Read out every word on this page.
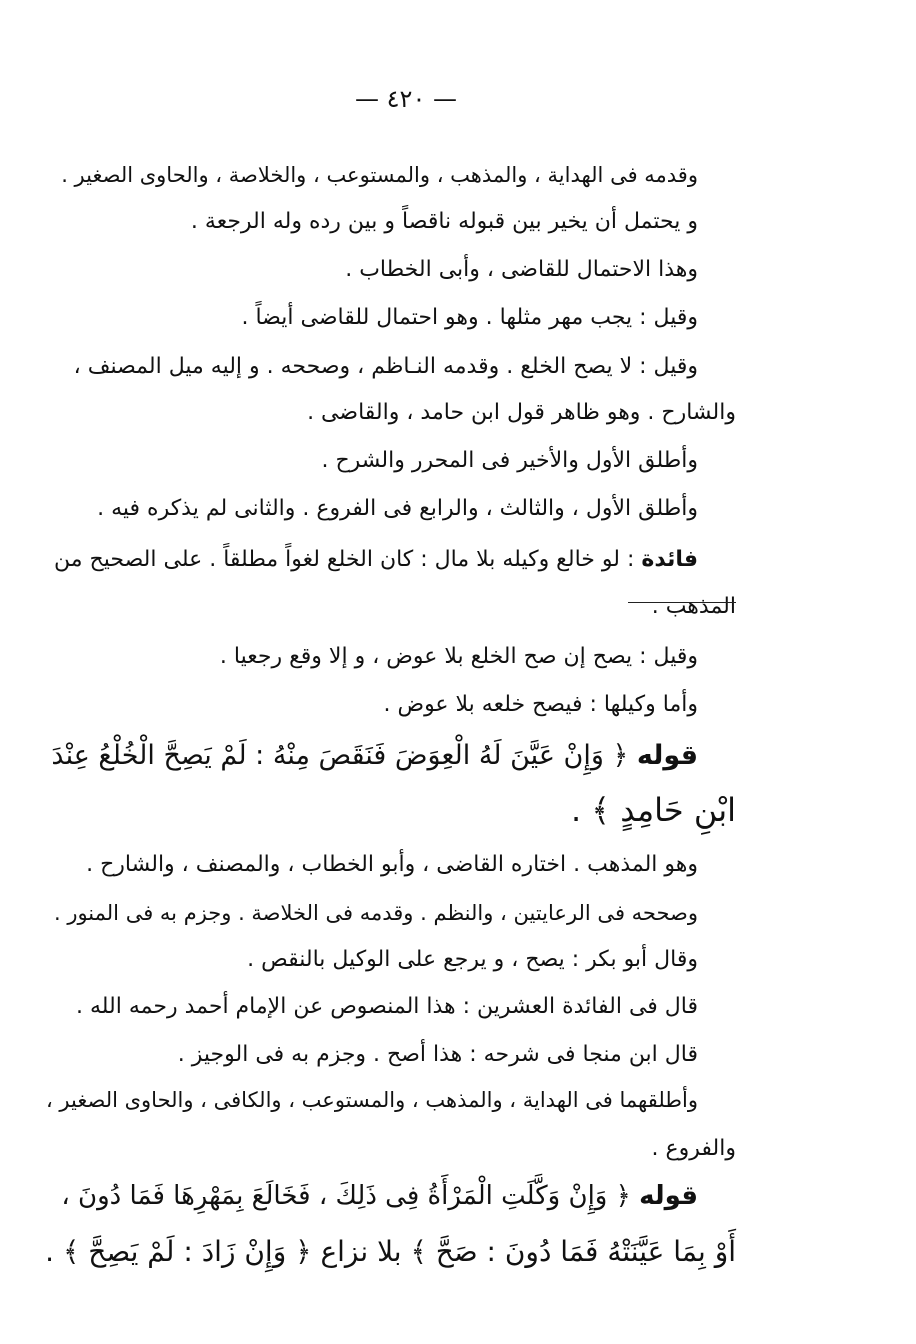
— ٤٢٠ —
وقدمه فى الهداية ، والمذهب ، والمستوعب ، والخلاصة ، والحاوى الصغير .
و يحتمل أن يخير بين قبوله ناقصاً و بين رده وله الرجعة .
وهذا الاحتمال للقاضى ، وأبى الخطاب .
وقيل : يجب مهر مثلها . وهو احتمال للقاضى أيضاً .
وقيل : لا يصح الخلع . وقدمه النـاظم ، وصححه . و إليه ميل المصنف ،
والشارح . وهو ظاهر قول ابن حامد ، والقاضى .
وأطلق الأول والأخير فى المحرر والشرح .
وأطلق الأول ، والثالث ، والرابع فى الفروع . والثانى لم يذكره فيه .
فائدة : لو خالع وكيله بلا مال : كان الخلع لغواً مطلقاً . على الصحيح من
المذهب .
وقيل : يصح إن صح الخلع بلا عوض ، و إلا وقع رجعيا .
وأما وكيلها : فيصح خلعه بلا عوض .
قوله ﴿ وَإِنْ عَيَّنَ لَهُ الْعِوَضَ فَنَقَصَ مِنْهُ : لَمْ يَصِحَّ الْخُلْعُ عِنْدَ
ابْنِ حَامِدٍ ﴾ .
وهو المذهب . اختاره القاضى ، وأبو الخطاب ، والمصنف ، والشارح .
وصححه فى الرعايتين ، والنظم . وقدمه فى الخلاصة . وجزم به فى المنور .
وقال أبو بكر : يصح ، و يرجع على الوكيل بالنقص .
قال فى الفائدة العشرين : هذا المنصوص عن الإمام أحمد رحمه الله .
قال ابن منجا فى شرحه : هذا أصح . وجزم به فى الوجيز .
وأطلقهما فى الهداية ، والمذهب ، والمستوعب ، والكافى ، والحاوى الصغير ،
والفروع .
قوله ﴿ وَإِنْ وَكَّلَتِ الْمَرْأَةُ فِى ذَلِكَ ، فَخَالَعَ بِمَهْرِهَا فَمَا دُونَ ،
أَوْ بِمَا عَيَّنَتْهُ فَمَا دُونَ : صَحَّ ﴾ بلا نزاع ﴿ وَإِنْ زَادَ : لَمْ يَصِحَّ ﴾ .
